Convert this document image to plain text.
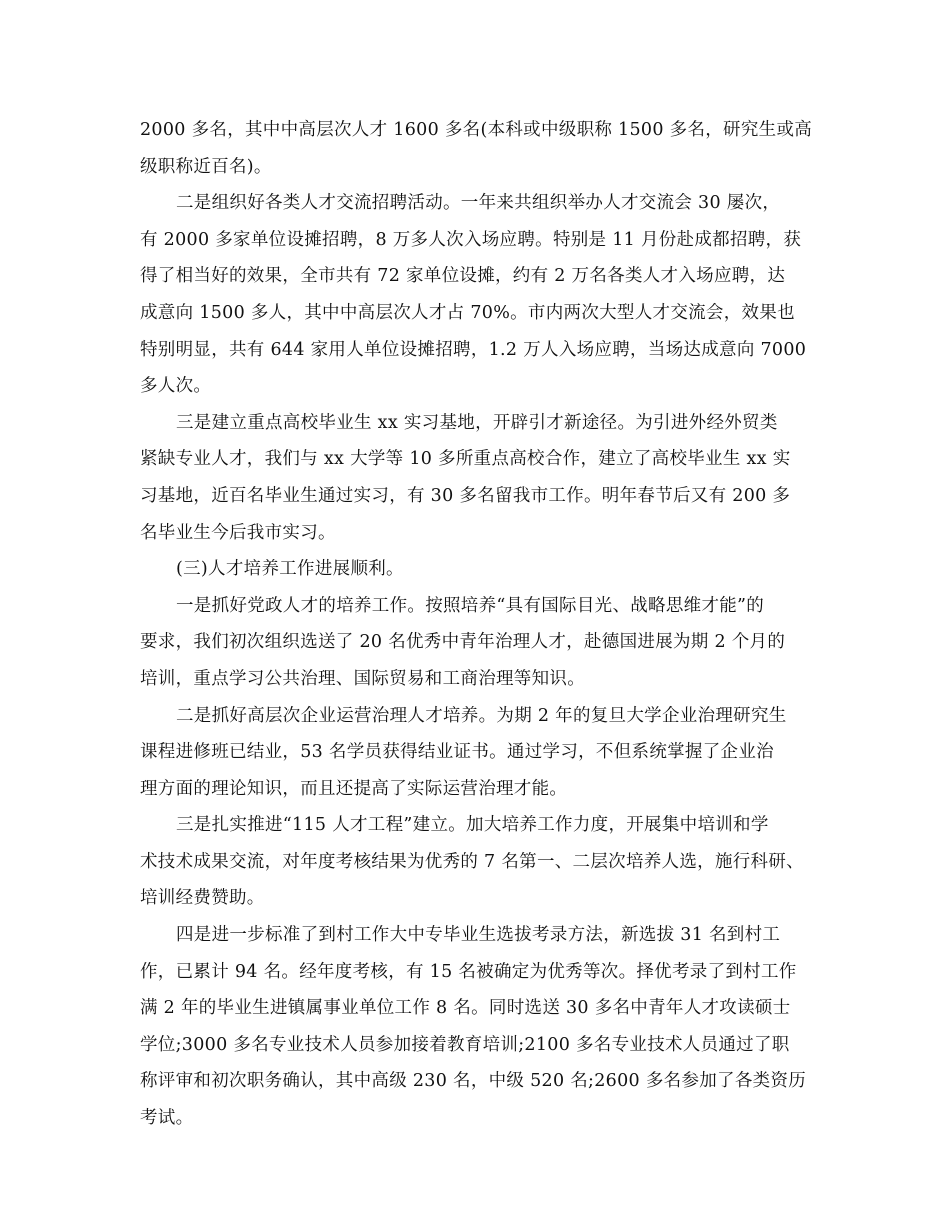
2000 多名，其中中高层次人才 1600 多名(本科或中级职称 1500 多名，研究生或高

级职称近百名)。

二是组织好各类人才交流招聘活动。一年来共组织举办人才交流会 30 屡次，

有 2000 多家单位设摊招聘，8 万多人次入场应聘。特别是 11 月份赴成都招聘，获

得了相当好的效果，全市共有 72 家单位设摊，约有 2 万名各类人才入场应聘，达

成意向 1500 多人，其中中高层次人才占 70%。市内两次大型人才交流会，效果也

特别明显，共有 644 家用人单位设摊招聘，1.2 万人入场应聘，当场达成意向 7000

多人次。

三是建立重点高校毕业生 xx 实习基地，开辟引才新途径。为引进外经外贸类

紧缺专业人才，我们与 xx 大学等 10 多所重点高校合作，建立了高校毕业生 xx 实

习基地，近百名毕业生通过实习，有 30 多名留我市工作。明年春节后又有 200 多

名毕业生今后我市实习。

(三)人才培养工作进展顺利。

一是抓好党政人才的培养工作。按照培养“具有国际目光、战略思维才能”的

要求，我们初次组织选送了 20 名优秀中青年治理人才，赴德国进展为期 2 个月的

培训，重点学习公共治理、国际贸易和工商治理等知识。

二是抓好高层次企业运营治理人才培养。为期 2 年的复旦大学企业治理研究生

课程进修班已结业，53 名学员获得结业证书。通过学习，不但系统掌握了企业治

理方面的理论知识，而且还提高了实际运营治理才能。

三是扎实推进“115 人才工程”建立。加大培养工作力度，开展集中培训和学

术技术成果交流，对年度考核结果为优秀的 7 名第一、二层次培养人选，施行科研、

培训经费赞助。

四是进一步标准了到村工作大中专毕业生选拔考录方法，新选拔 31 名到村工

作，已累计 94 名。经年度考核，有 15 名被确定为优秀等次。择优考录了到村工作

满 2 年的毕业生进镇属事业单位工作 8 名。同时选送 30 多名中青年人才攻读硕士

学位;3000 多名专业技术人员参加接着教育培训;2100 多名专业技术人员通过了职

称评审和初次职务确认，其中高级 230 名，中级 520 名;2600 多名参加了各类资历

考试。
